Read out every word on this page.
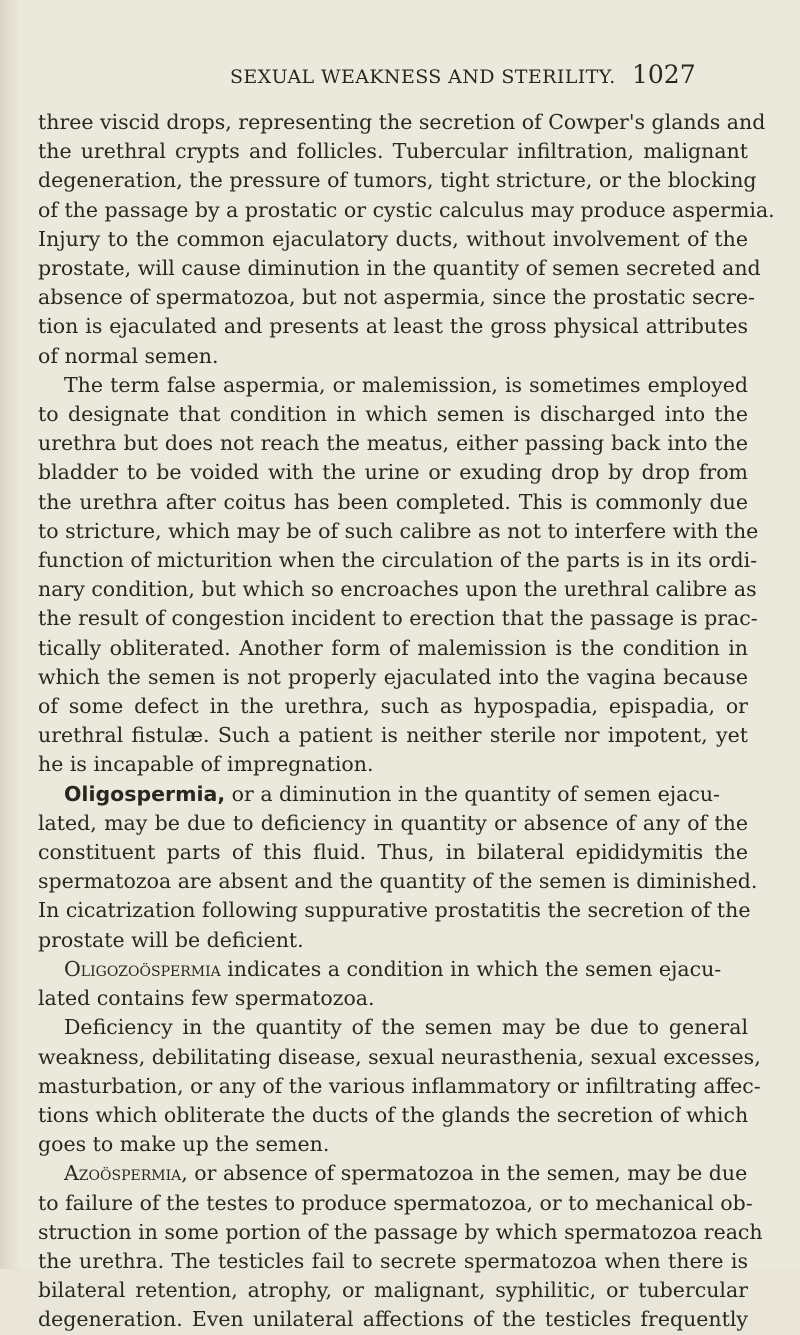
SEXUAL WEAKNESS AND STERILITY. 1027
three viscid drops, representing the secretion of Cowper's glands and
the urethral crypts and follicles. Tubercular infiltration, malignant
degeneration, the pressure of tumors, tight stricture, or the blocking
of the passage by a prostatic or cystic calculus may produce aspermia.
Injury to the common ejaculatory ducts, without involvement of the
prostate, will cause diminution in the quantity of semen secreted and
absence of spermatozoa, but not aspermia, since the prostatic secre-
tion is ejaculated and presents at least the gross physical attributes
of normal semen.
The term false aspermia, or malemission, is sometimes employed
to designate that condition in which semen is discharged into the
urethra but does not reach the meatus, either passing back into the
bladder to be voided with the urine or exuding drop by drop from
the urethra after coitus has been completed. This is commonly due
to stricture, which may be of such calibre as not to interfere with the
function of micturition when the circulation of the parts is in its ordi-
nary condition, but which so encroaches upon the urethral calibre as
the result of congestion incident to erection that the passage is prac-
tically obliterated. Another form of malemission is the condition in
which the semen is not properly ejaculated into the vagina because
of some defect in the urethra, such as hypospadia, epispadia, or
urethral fistulæ. Such a patient is neither sterile nor impotent, yet
he is incapable of impregnation.
Oligospermia, or a diminution in the quantity of semen ejacu-
lated, may be due to deficiency in quantity or absence of any of the
constituent parts of this fluid. Thus, in bilateral epididymitis the
spermatozoa are absent and the quantity of the semen is diminished.
In cicatrization following suppurative prostatitis the secretion of the
prostate will be deficient.
Oligozoöspermia indicates a condition in which the semen ejacu-
lated contains few spermatozoa.
Deficiency in the quantity of the semen may be due to general
weakness, debilitating disease, sexual neurasthenia, sexual excesses,
masturbation, or any of the various inflammatory or infiltrating affec-
tions which obliterate the ducts of the glands the secretion of which
goes to make up the semen.
Azoöspermia, or absence of spermatozoa in the semen, may be due
to failure of the testes to produce spermatozoa, or to mechanical ob-
struction in some portion of the passage by which spermatozoa reach
the urethra. The testicles fail to secrete spermatozoa when there is
bilateral retention, atrophy, or malignant, syphilitic, or tubercular
degeneration. Even unilateral affections of the testicles frequently
